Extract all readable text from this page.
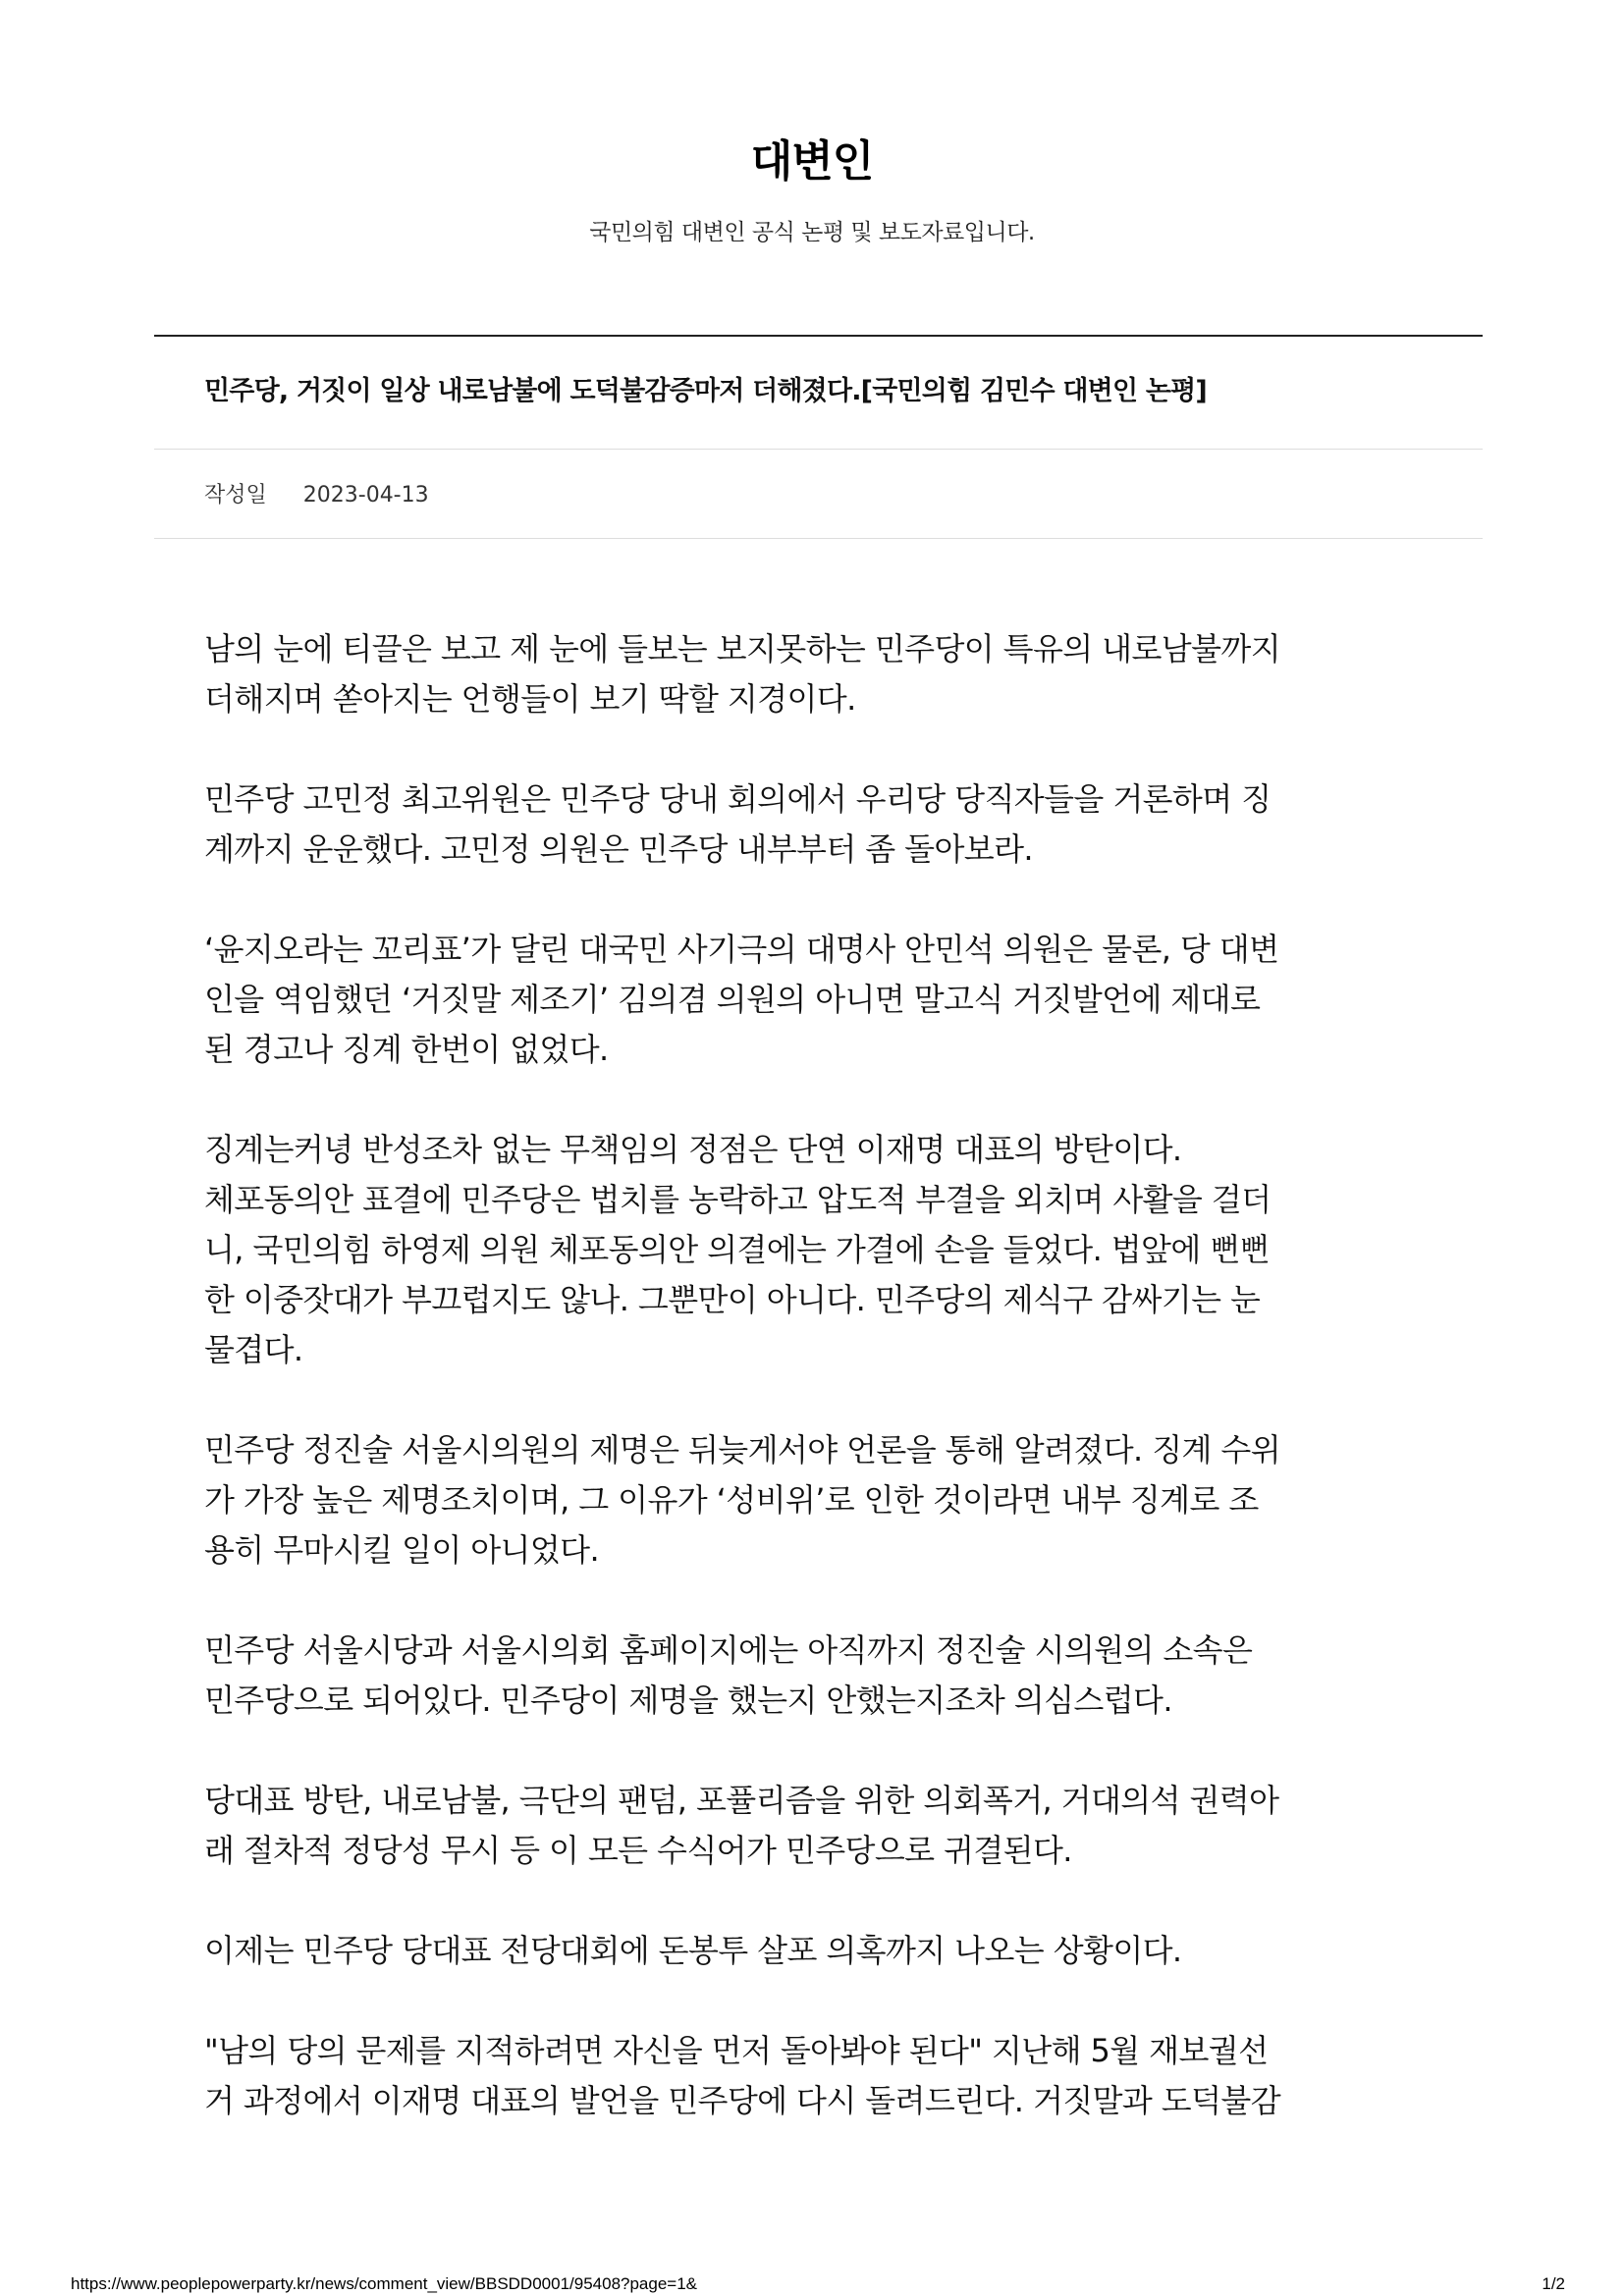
대변인
국민의힘 대변인 공식 논평 및 보도자료입니다.
민주당, 거짓이 일상 내로남불에 도덕불감증마저 더해졌다.[국민의힘 김민수 대변인 논평]
작성일 2023-04-13

남의 눈에 티끌은 보고 제 눈에 들보는 보지못하는 민주당이 특유의 내로남불까지
더해지며 쏟아지는 언행들이 보기 딱할 지경이다.

민주당 고민정 최고위원은 민주당 당내 회의에서 우리당 당직자들을 거론하며 징
계까지 운운했다. 고민정 의원은 민주당 내부부터 좀 돌아보라.

‘윤지오라는 꼬리표’가 달린 대국민 사기극의 대명사 안민석 의원은 물론, 당 대변
인을 역임했던 ‘거짓말 제조기’ 김의겸 의원의 아니면 말고식 거짓발언에 제대로
된 경고나 징계 한번이 없었다.

징계는커녕 반성조차 없는 무책임의 정점은 단연 이재명 대표의 방탄이다.
체포동의안 표결에 민주당은 법치를 농락하고 압도적 부결을 외치며 사활을 걸더
니, 국민의힘 하영제 의원 체포동의안 의결에는 가결에 손을 들었다. 법앞에 뻔뻔
한 이중잣대가 부끄럽지도 않나. 그뿐만이 아니다. 민주당의 제식구 감싸기는 눈
물겹다.

민주당 정진술 서울시의원의 제명은 뒤늦게서야 언론을 통해 알려졌다. 징계 수위
가 가장 높은 제명조치이며, 그 이유가 ‘성비위’로 인한 것이라면 내부 징계로 조
용히 무마시킬 일이 아니었다.

민주당 서울시당과 서울시의회 홈페이지에는 아직까지 정진술 시의원의 소속은
민주당으로 되어있다. 민주당이 제명을 했는지 안했는지조차 의심스럽다.

당대표 방탄, 내로남불, 극단의 팬덤, 포퓰리즘을 위한 의회폭거, 거대의석 권력아
래 절차적 정당성 무시 등 이 모든 수식어가 민주당으로 귀결된다.

이제는 민주당 당대표 전당대회에 돈봉투 살포 의혹까지 나오는 상황이다.

"남의 당의 문제를 지적하려면 자신을 먼저 돌아봐야 된다" 지난해 5월 재보궐선
거 과정에서 이재명 대표의 발언을 민주당에 다시 돌려드린다. 거짓말과 도덕불감

https://www.peoplepowerparty.kr/news/comment_view/BBSDD0001/95408?page=1&	1/2
